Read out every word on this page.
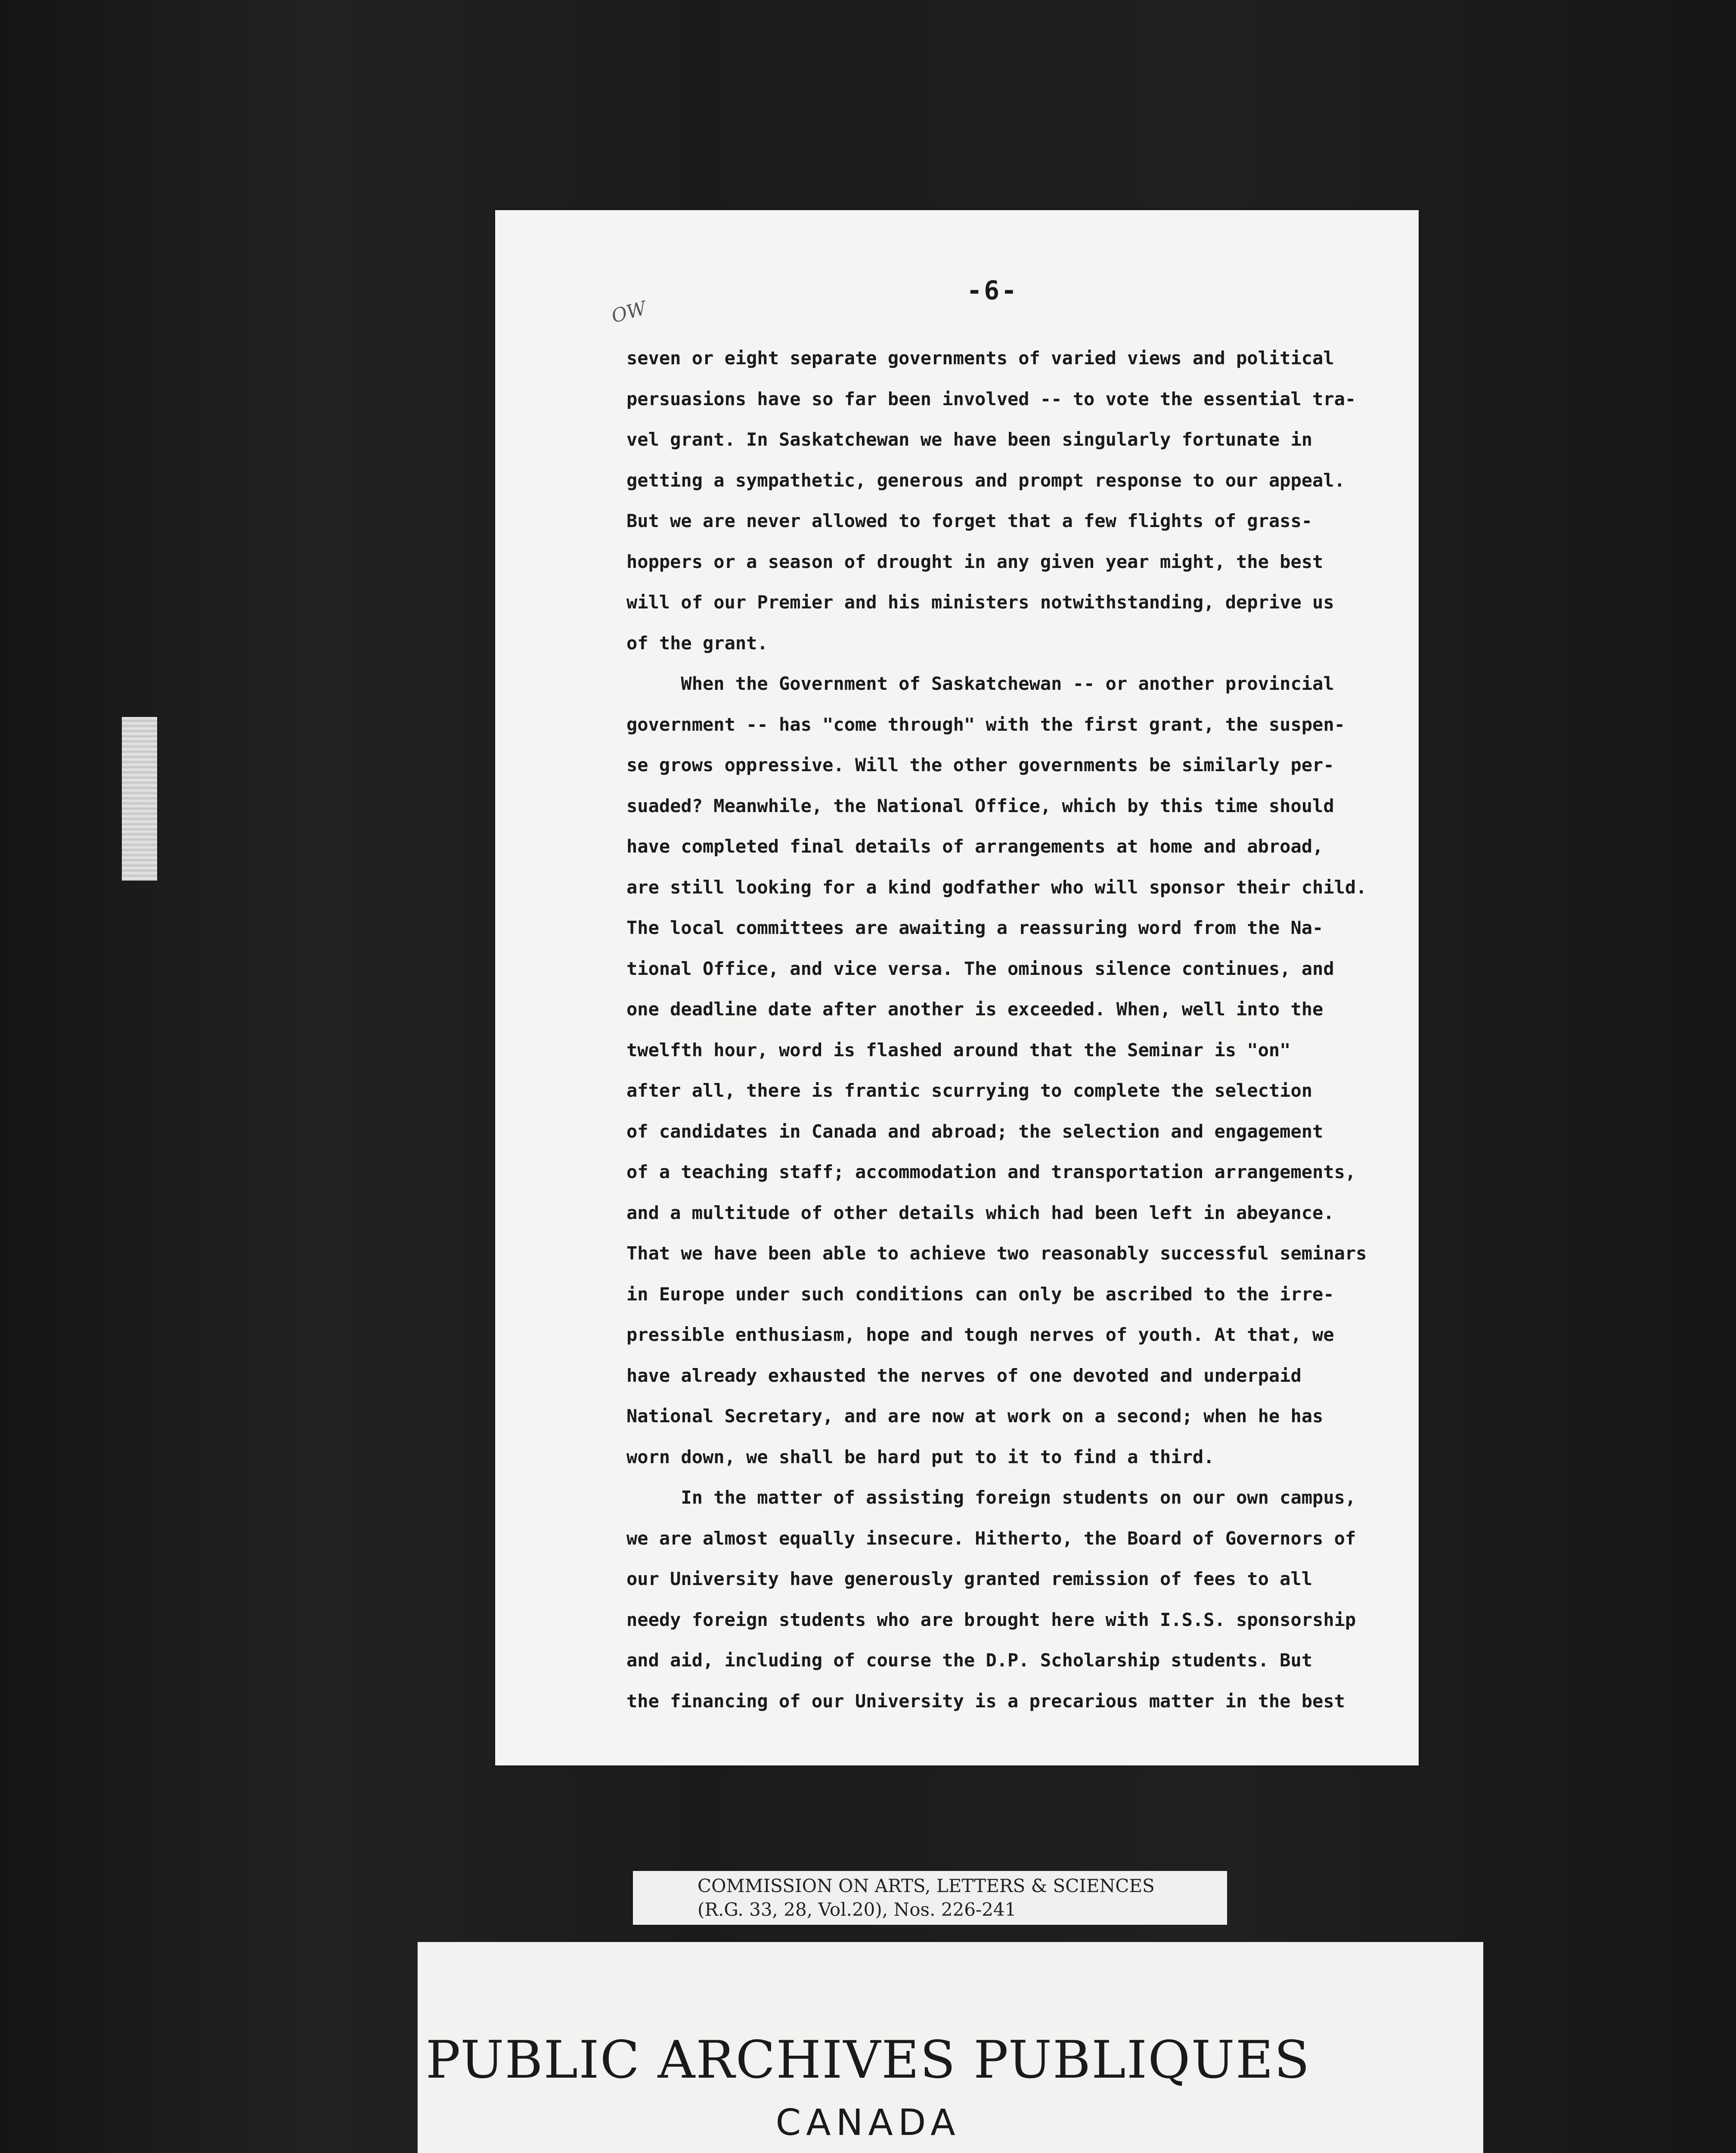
-6-
OW
seven or eight separate governments of varied views and political
persuasions have so far been involved -- to vote the essential tra-
vel grant. In Saskatchewan we have been singularly fortunate in
getting a sympathetic, generous and prompt response to our appeal.
But we are never allowed to forget that a few flights of grass-
hoppers or a season of drought in any given year might, the best
will of our Premier and his ministers notwithstanding, deprive us
of the grant.
When the Government of Saskatchewan -- or another provincial
government -- has "come through" with the first grant, the suspen-
se grows oppressive. Will the other governments be similarly per-
suaded? Meanwhile, the National Office, which by this time should
have completed final details of arrangements at home and abroad,
are still looking for a kind godfather who will sponsor their child.
The local committees are awaiting a reassuring word from the Na-
tional Office, and vice versa. The ominous silence continues, and
one deadline date after another is exceeded. When, well into the
twelfth hour, word is flashed around that the Seminar is "on"
after all, there is frantic scurrying to complete the selection
of candidates in Canada and abroad; the selection and engagement
of a teaching staff; accommodation and transportation arrangements,
and a multitude of other details which had been left in abeyance.
That we have been able to achieve two reasonably successful seminars
in Europe under such conditions can only be ascribed to the irre-
pressible enthusiasm, hope and tough nerves of youth. At that, we
have already exhausted the nerves of one devoted and underpaid
National Secretary, and are now at work on a second; when he has
worn down, we shall be hard put to it to find a third.
In the matter of assisting foreign students on our own campus,
we are almost equally insecure. Hitherto, the Board of Governors of
our University have generously granted remission of fees to all
needy foreign students who are brought here with I.S.S. sponsorship
and aid, including of course the D.P. Scholarship students. But
the financing of our University is a precarious matter in the best
COMMISSION ON ARTS, LETTERS & SCIENCES
(R.G. 33, 28, Vol.20), Nos. 226-241
PUBLIC ARCHIVES PUBLIQUES
CANADA
